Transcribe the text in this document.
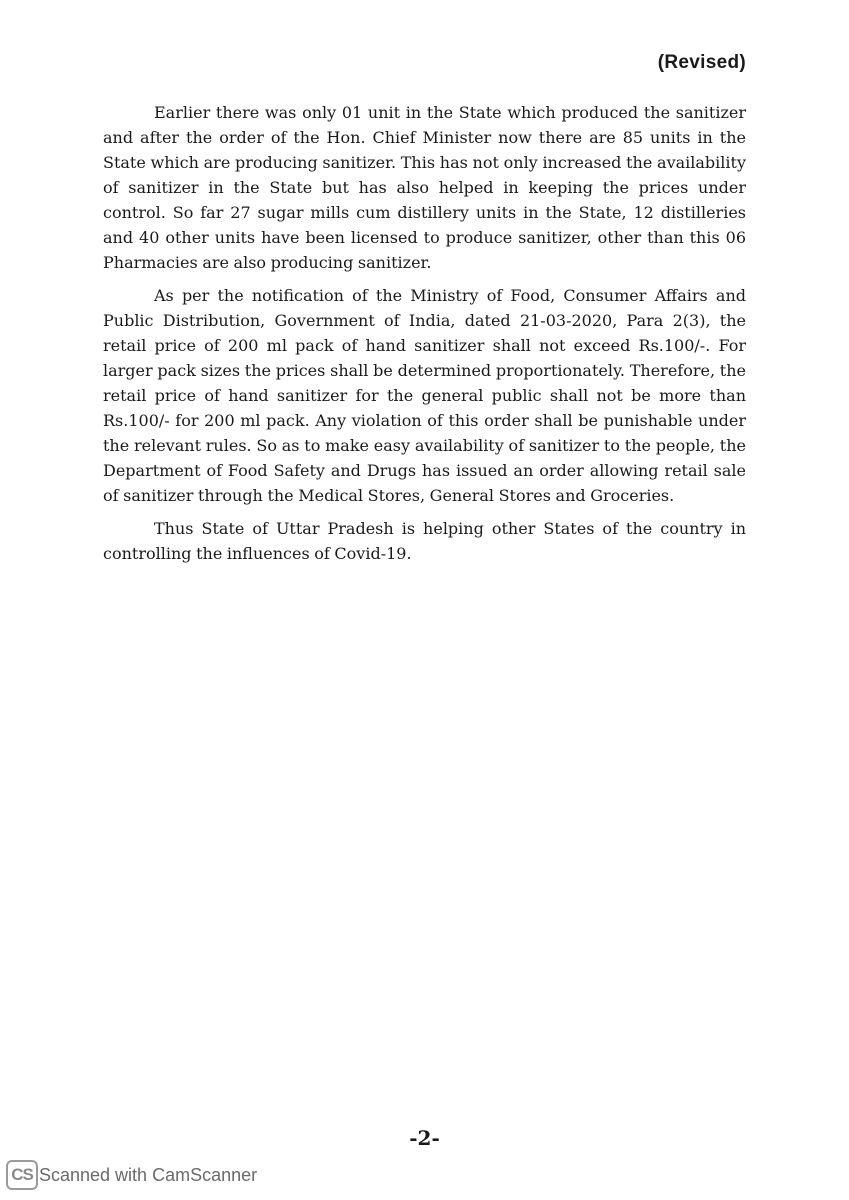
(Revised)

Earlier there was only 01 unit in the State which produced the sanitizer and after the order of the Hon. Chief Minister now there are 85 units in the State which are producing sanitizer. This has not only increased the availability of sanitizer in the State but has also helped in keeping the prices under control. So far 27 sugar mills cum distillery units in the State, 12 distilleries and 40 other units have been licensed to produce sanitizer, other than this 06 Pharmacies are also producing sanitizer.

As per the notification of the Ministry of Food, Consumer Affairs and Public Distribution, Government of India, dated 21-03-2020, Para 2(3), the retail price of 200 ml pack of hand sanitizer shall not exceed Rs.100/-. For larger pack sizes the prices shall be determined proportionately. Therefore, the retail price of hand sanitizer for the general public shall not be more than Rs.100/- for 200 ml pack. Any violation of this order shall be punishable under the relevant rules. So as to make easy availability of sanitizer to the people, the Department of Food Safety and Drugs has issued an order allowing retail sale of sanitizer through the Medical Stores, General Stores and Groceries.

Thus State of Uttar Pradesh is helping other States of the country in controlling the influences of Covid-19.

-2-
CS Scanned with CamScanner
